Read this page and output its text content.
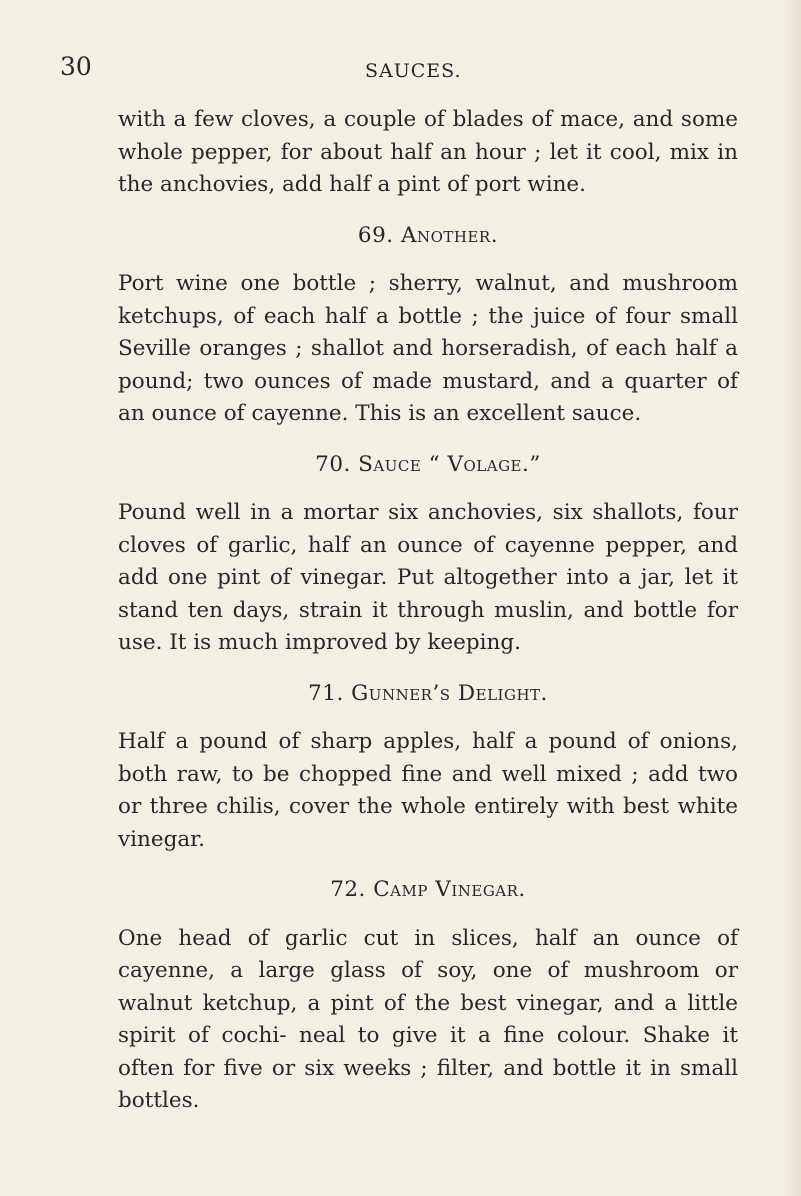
30	SAUCES.

with a few cloves, a couple of blades of mace, and some whole pepper, for about half an hour ; let it cool, mix in the anchovies, add half a pint of port wine.

69. Another.

Port wine one bottle ; sherry, walnut, and mushroom ketchups, of each half a bottle ; the juice of four small Seville oranges ; shallot and horseradish, of each half a pound; two ounces of made mustard, and a quarter of an ounce of cayenne. This is an excellent sauce.

70. Sauce “ Volage.”

Pound well in a mortar six anchovies, six shallots, four cloves of garlic, half an ounce of cayenne pepper, and add one pint of vinegar. Put altogether into a jar, let it stand ten days, strain it through muslin, and bottle for use. It is much improved by keeping.

71. Gunner’s Delight.

Half a pound of sharp apples, half a pound of onions, both raw, to be chopped fine and well mixed ; add two or three chilis, cover the whole entirely with best white vinegar.

72. Camp Vinegar.

One head of garlic cut in slices, half an ounce of cayenne, a large glass of soy, one of mushroom or walnut ketchup, a pint of the best vinegar, and a little spirit of cochi- neal to give it a fine colour. Shake it often for five or six weeks ; filter, and bottle it in small bottles.
